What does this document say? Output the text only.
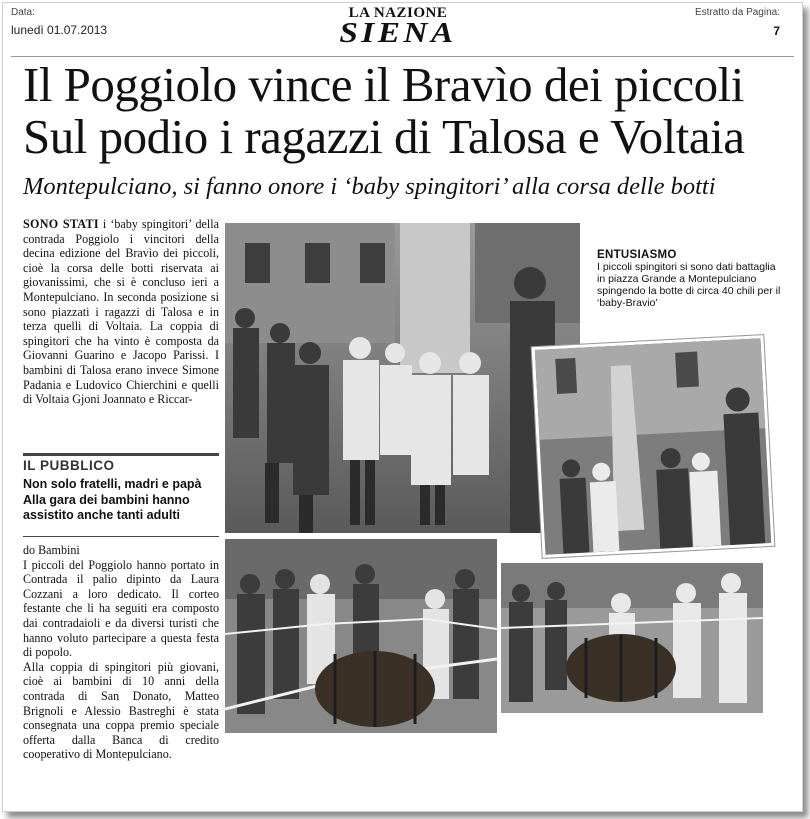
Data:
lunedì 01.07.2013
LA NAZIONE
SIENA
Estratto da Pagina:
7
Il Poggiolo vince il Bravìo dei piccoli
Sul podio i ragazzi di Talosa e Voltaia
Montepulciano, si fanno onore i ‘baby spingitori’ alla corsa delle botti
SONO STATI i ‘baby spingitori’ della contrada Poggiolo i vincitori della decina edizione del Bravìo dei piccoli, cioè la corsa delle botti riservata ai giovanissimi, che si è concluso ieri a Montepulciano. In seconda posizione si sono piazzati i ragazzi di Talosa e in terza quelli di Voltaia. La coppia di spingitori che ha vinto è composta da Giovanni Guarino e Jacopo Parissi. I bambini di Talosa erano invece Simone Padania e Ludovico Chierchini e quelli di Voltaia Gjoni Joannato e Riccar-
IL PUBBLICO
Non solo fratelli, madri e papà Alla gara dei bambini hanno assistito anche tanti adulti
do Bambini
I piccoli del Poggiolo hanno portato in Contrada il palio dipinto da Laura Cozzani a loro dedicato. Il corteo festante che li ha seguiti era composto dai contradaioli e da diversi turisti che hanno voluto partecipare a questa festa di popolo.
Alla coppia di spingitori più giovani, cioè ai bambini di 10 anni della contrada di San Donato, Matteo Brignoli e Alessio Bastreghi è stata consegnata una coppa premio speciale offerta dalla Banca di credito cooperativo di Montepulciano.
ENTUSIASMO
I piccoli spingitori si sono dati battaglia in piazza Grande a Montepulciano spingendo la botte di circa 40 chili per il ‘baby-Bravio’
